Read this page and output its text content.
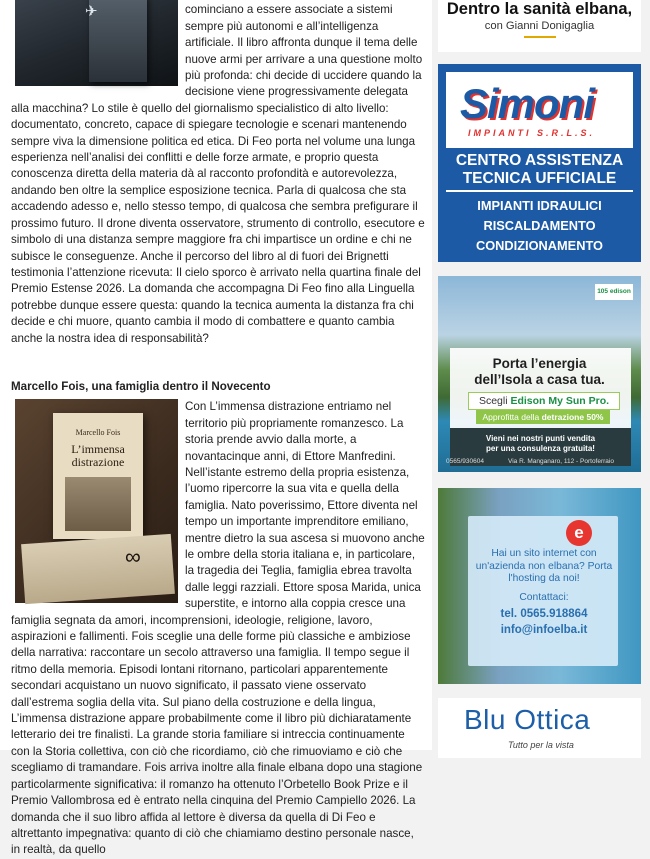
✈	cominciano a essere associate a sistemi sempre più autonomi e all’intelligenza artificiale. Il libro affronta dunque il tema delle nuove armi per arrivare a una questione molto più profonda: chi decide di uccidere quando la decisione viene progressivamente delegata alla macchina? Lo stile è quello del giornalismo specialistico di alto livello: documentato, concreto, capace di spiegare tecnologie e scenari mantenendo sempre viva la dimensione politica ed etica. Di Feo porta nel volume una lunga esperienza nell’analisi dei conflitti e delle forze armate, e proprio questa conoscenza diretta della materia dà al racconto profondità e autorevolezza, andando ben oltre la semplice esposizione tecnica. Parla di qualcosa che sta accadendo adesso e, nello stesso tempo, di qualcosa che sembra prefigurare il prossimo futuro. Il drone diventa osservatore, strumento di controllo, esecutore e simbolo di una distanza sempre maggiore fra chi impartisce un ordine e chi ne subisce le conseguenze. Anche il percorso del libro al di fuori dei Brignetti testimonia l’attenzione ricevuta: Il cielo sporco è arrivato nella quartina finale del Premio Estense 2026. La domanda che accompagna Di Feo fino alla Linguella potrebbe dunque essere questa: quando la tecnica aumenta la distanza fra chi decide e chi muore, quanto cambia il modo di combattere e quanto cambia anche la nostra idea di responsabilità?

Marcello Fois, una famiglia dentro il Novecento

Marcello Fois
L’immensa distrazione
∞

Con L’immensa distrazione entriamo nel territorio più propriamente romanzesco. La storia prende avvio dalla morte, a novantacinque anni, di Ettore Manfredini. Nell’istante estremo della propria esistenza, l’uomo ripercorre la sua vita e quella della famiglia. Nato poverissimo, Ettore diventa nel tempo un importante imprenditore emiliano, mentre dietro la sua ascesa si muovono anche le ombre della storia italiana e, in particolare, la tragedia dei Teglia, famiglia ebrea travolta dalle leggi razziali. Ettore sposa Marida, unica superstite, e intorno alla coppia cresce una famiglia segnata da amori, incomprensioni, ideologie, religione, lavoro, aspirazioni e fallimenti. Fois sceglie una delle forme più classiche e ambiziose della narrativa: raccontare un secolo attraverso una famiglia. Il tempo segue il ritmo della memoria. Episodi lontani ritornano, particolari apparentemente secondari acquistano un nuovo significato, il passato viene osservato dall’estrema soglia della vita. Sul piano della costruzione e della lingua, L’immensa distrazione appare probabilmente come il libro più dichiaratamente letterario dei tre finalisti. La grande storia familiare si intreccia continuamente con la Storia collettiva, con ciò che ricordiamo, ciò che rimuoviamo e ciò che scegliamo di tramandare. Fois arriva inoltre alla finale elbana dopo una stagione particolarmente significativa: il romanzo ha ottenuto l’Orbetello Book Prize e il Premio Vallombrosa ed è entrato nella cinquina del Premio Campiello 2026. La domanda che il suo libro affida al lettore è diversa da quella di Di Feo e altrettanto impegnativa: quanto di ciò che chiamiamo destino personale nasce, in realtà, da quello

Dentro la sanità elbana,
con Gianni Donigaglia
Simoni
IMPIANTI S.R.L.S.
CENTRO ASSISTENZA
TECNICA UFFICIALE
IMPIANTI IDRAULICI
RISCALDAMENTO
CONDIZIONAMENTO
105 edison
Porta l’energia
dell’Isola a casa tua.
Scegli Edison My Sun Pro.
Approfitta della detrazione 50%
Vieni nei nostri punti vendita
per una consulenza gratuita!
0565/930604	Via R. Manganaro, 112 - Portoferraio
e
Hai un sito internet con un'azienda non elbana? Porta l'hosting da noi!
Contattaci:
tel. 0565.918864
info@infoelba.it
Blu Ottica
Tutto per la vista
